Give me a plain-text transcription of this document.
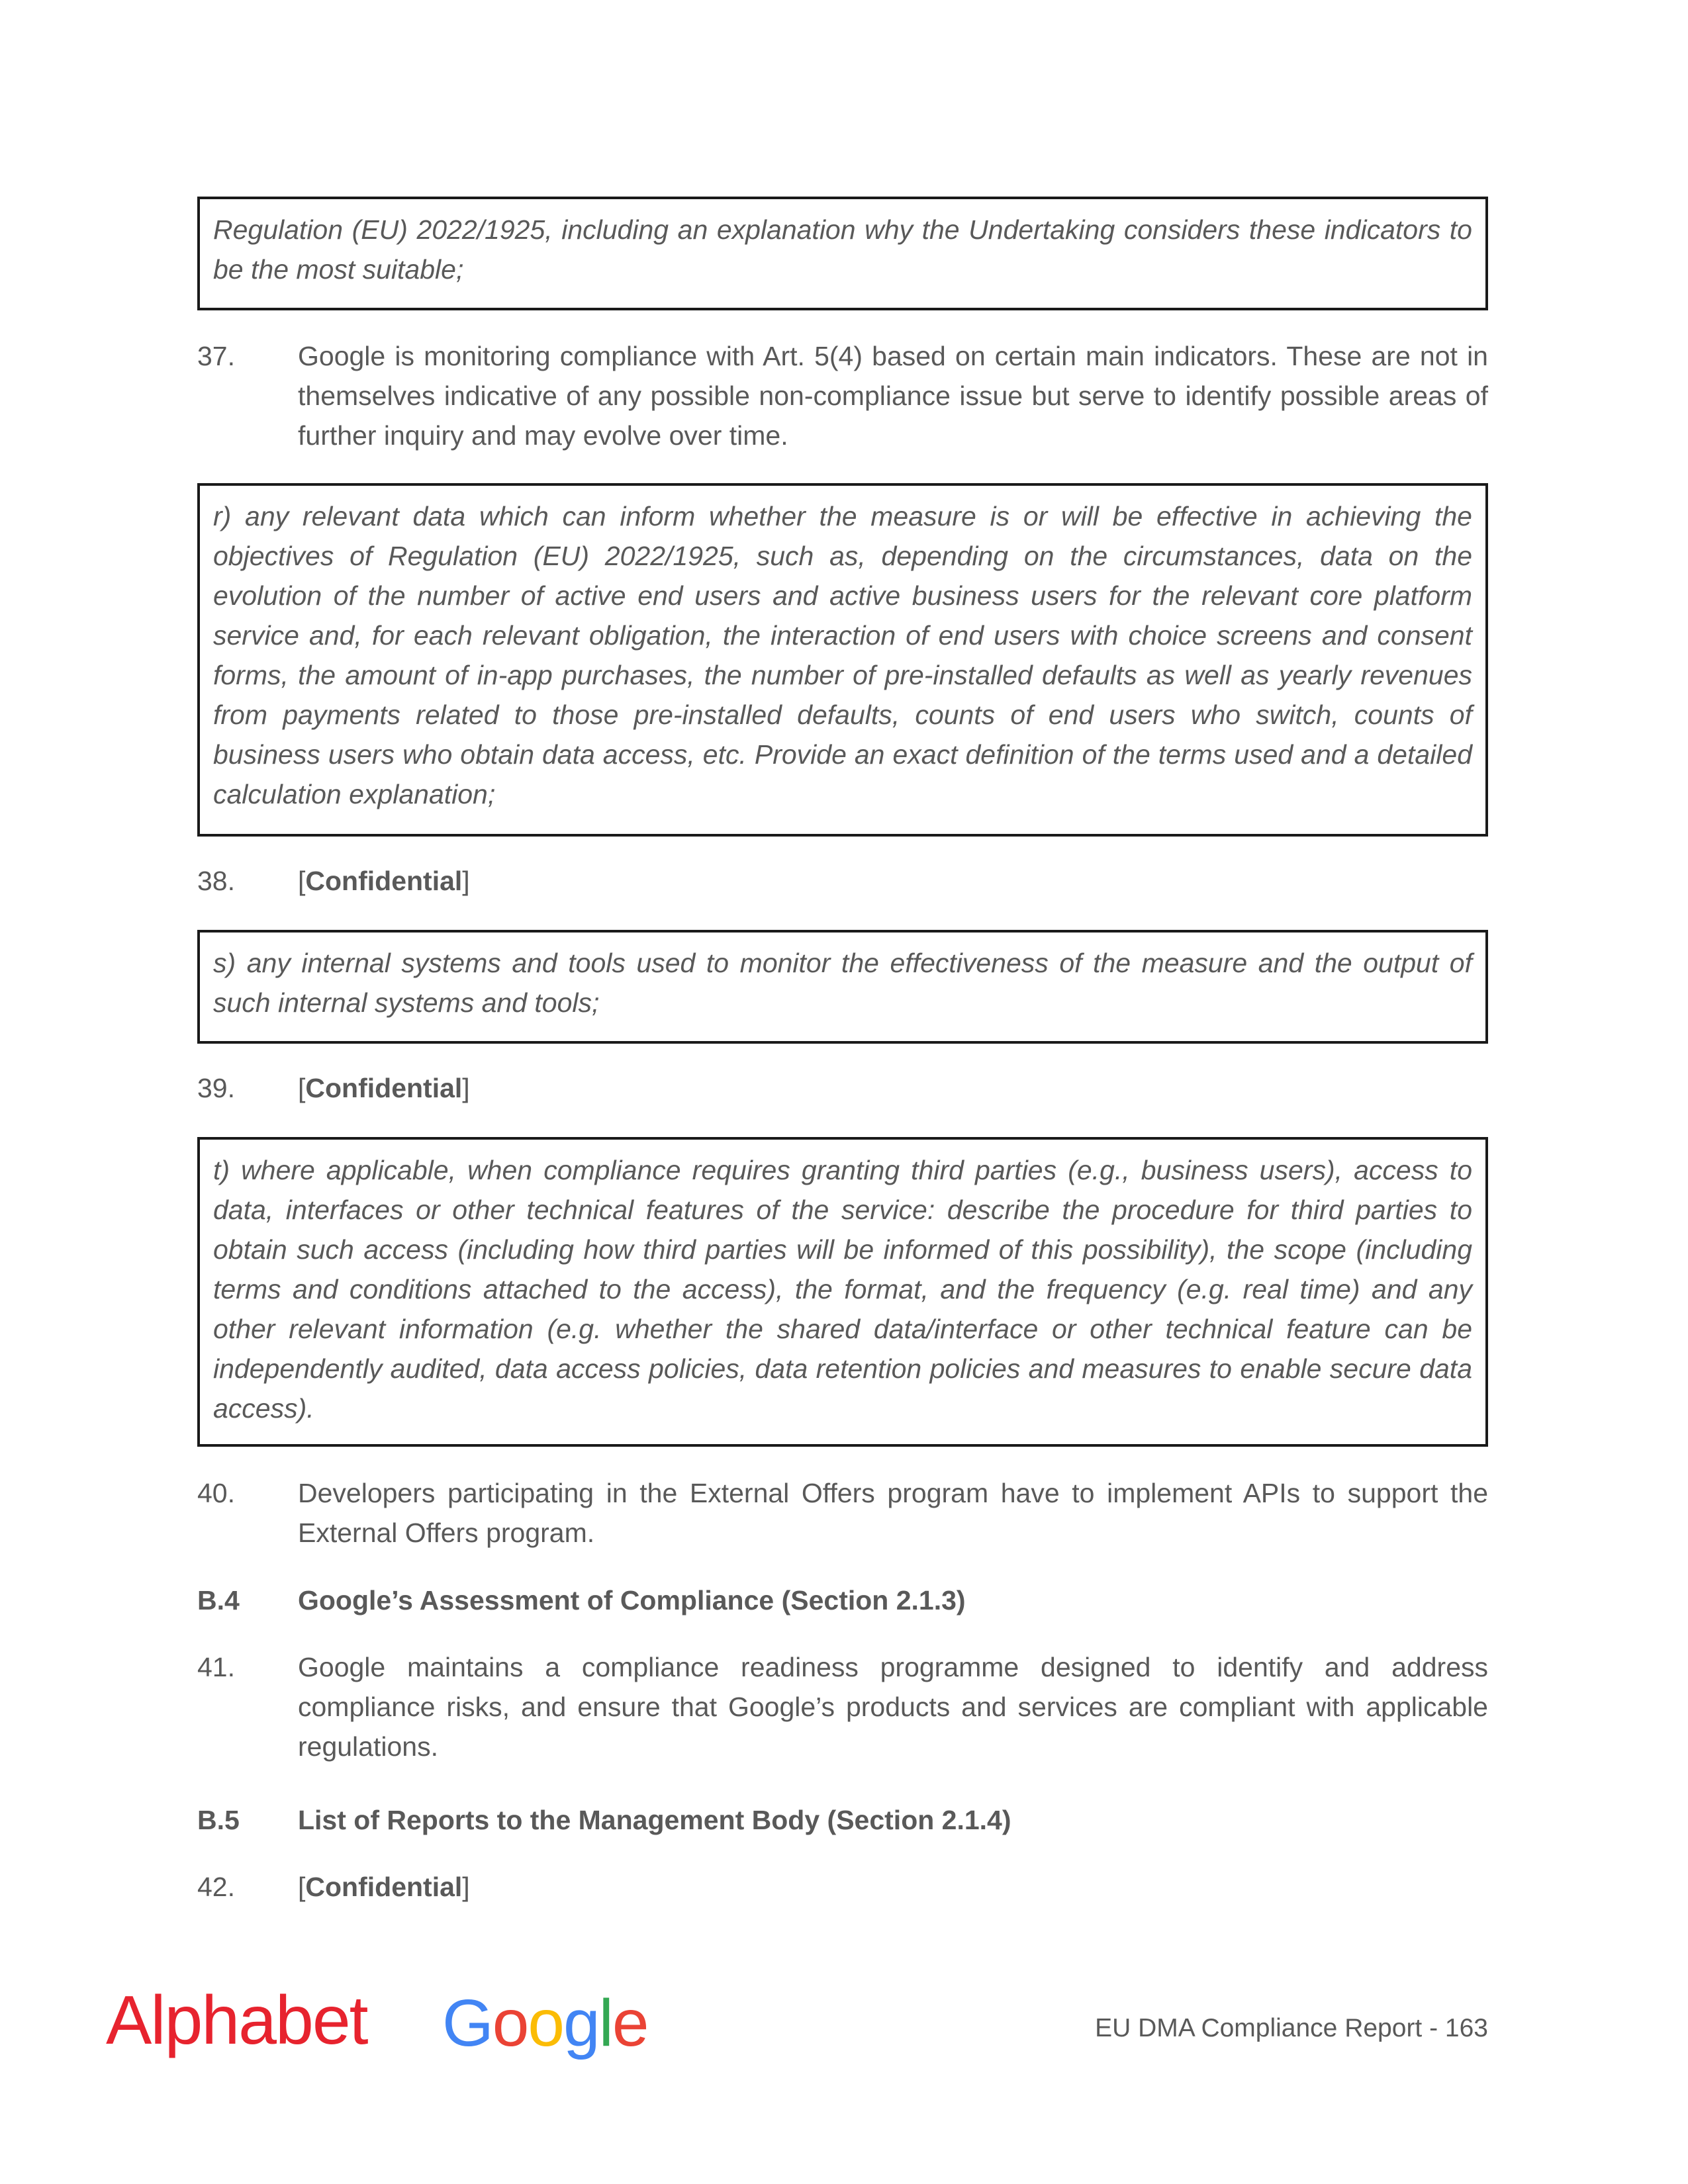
Regulation (EU) 2022/1925, including an explanation why the Undertaking considers these indicators to be the most suitable;
37. Google is monitoring compliance with Art. 5(4) based on certain main indicators. These are not in themselves indicative of any possible non-compliance issue but serve to identify possible areas of further inquiry and may evolve over time.
r) any relevant data which can inform whether the measure is or will be effective in achieving the objectives of Regulation (EU) 2022/1925, such as, depending on the circumstances, data on the evolution of the number of active end users and active business users for the relevant core platform service and, for each relevant obligation, the interaction of end users with choice screens and consent forms, the amount of in-app purchases, the number of pre-installed defaults as well as yearly revenues from payments related to those pre-installed defaults, counts of end users who switch, counts of business users who obtain data access, etc. Provide an exact definition of the terms used and a detailed calculation explanation;
38. [Confidential]
s) any internal systems and tools used to monitor the effectiveness of the measure and the output of such internal systems and tools;
39. [Confidential]
t) where applicable, when compliance requires granting third parties (e.g., business users), access to data, interfaces or other technical features of the service: describe the procedure for third parties to obtain such access (including how third parties will be informed of this possibility), the scope (including terms and conditions attached to the access), the format, and the frequency (e.g. real time) and any other relevant information (e.g. whether the shared data/interface or other technical feature can be independently audited, data access policies, data retention policies and measures to enable secure data access).
40. Developers participating in the External Offers program have to implement APIs to support the External Offers program.
B.4 Google’s Assessment of Compliance (Section 2.1.3)
41. Google maintains a compliance readiness programme designed to identify and address compliance risks, and ensure that Google’s products and services are compliant with applicable regulations.
B.5 List of Reports to the Management Body (Section 2.1.4)
42. [Confidential]
Alphabet Google	EU DMA Compliance Report - 163
